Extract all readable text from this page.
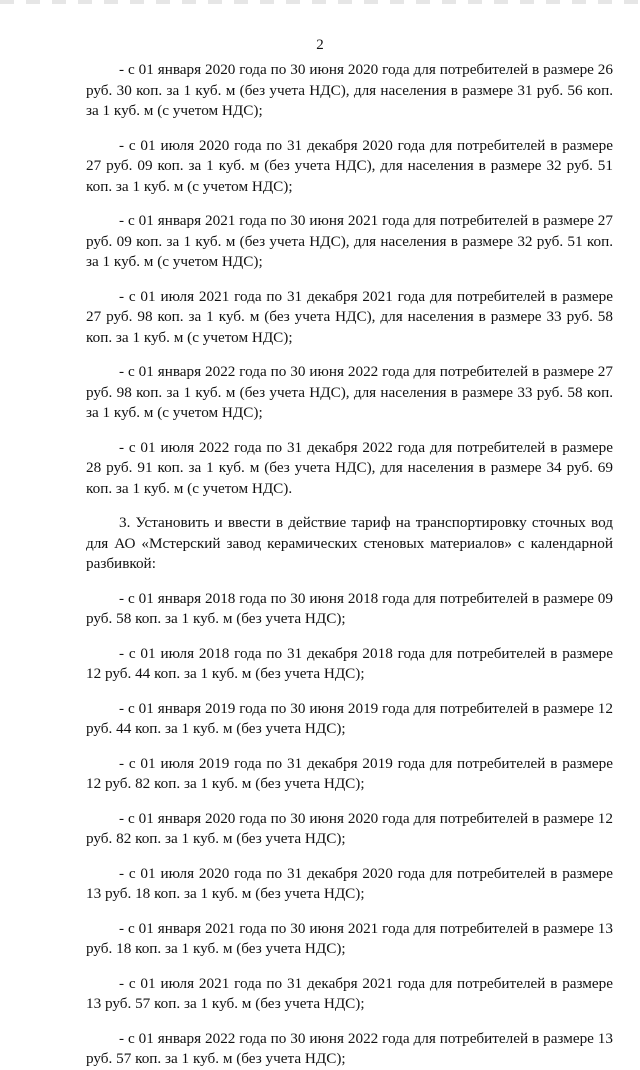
2

- с 01 января 2020 года по 30 июня 2020 года для потребителей в размере 26 руб. 30 коп. за 1 куб. м (без учета НДС), для населения в размере 31 руб. 56 коп. за 1 куб. м (с учетом НДС);

- с 01 июля 2020 года по 31 декабря 2020 года для потребителей в размере 27 руб. 09 коп. за 1 куб. м (без учета НДС), для населения в размере 32 руб. 51 коп. за 1 куб. м (с учетом НДС);

- с 01 января 2021 года по 30 июня 2021 года для потребителей в размере 27 руб. 09 коп. за 1 куб. м (без учета НДС), для населения в размере 32 руб. 51 коп. за 1 куб. м (с учетом НДС);

- с 01 июля 2021 года по 31 декабря 2021 года для потребителей в размере 27 руб. 98 коп. за 1 куб. м (без учета НДС), для населения в размере 33 руб. 58 коп. за 1 куб. м (с учетом НДС);

- с 01 января 2022 года по 30 июня 2022 года для потребителей в размере 27 руб. 98 коп. за 1 куб. м (без учета НДС), для населения в размере 33 руб. 58 коп. за 1 куб. м (с учетом НДС);

- с 01 июля 2022 года по 31 декабря 2022 года для потребителей в размере 28 руб. 91 коп. за 1 куб. м (без учета НДС), для населения в размере 34 руб. 69 коп. за 1 куб. м (с учетом НДС).

3. Установить и ввести в действие тариф на транспортировку сточных вод для АО «Мстерский завод керамических стеновых материалов» с календарной разбивкой:

- с 01 января 2018 года по 30 июня 2018 года для потребителей в размере 09 руб. 58 коп. за 1 куб. м (без учета НДС);

- с 01 июля 2018 года по 31 декабря 2018 года для потребителей в размере 12 руб. 44 коп. за 1 куб. м (без учета НДС);

- с 01 января 2019 года по 30 июня 2019 года для потребителей в размере 12 руб. 44 коп. за 1 куб. м (без учета НДС);

- с 01 июля 2019 года по 31 декабря 2019 года для потребителей в размере 12 руб. 82 коп. за 1 куб. м (без учета НДС);

- с 01 января 2020 года по 30 июня 2020 года для потребителей в размере 12 руб. 82 коп. за 1 куб. м (без учета НДС);

- с 01 июля 2020 года по 31 декабря 2020 года для потребителей в размере 13 руб. 18 коп. за 1 куб. м (без учета НДС);

- с 01 января 2021 года по 30 июня 2021 года для потребителей в размере 13 руб. 18 коп. за 1 куб. м (без учета НДС);

- с 01 июля 2021 года по 31 декабря 2021 года для потребителей в размере 13 руб. 57 коп. за 1 куб. м (без учета НДС);

- с 01 января 2022 года по 30 июня 2022 года для потребителей в размере 13 руб. 57 коп. за 1 куб. м (без учета НДС);
